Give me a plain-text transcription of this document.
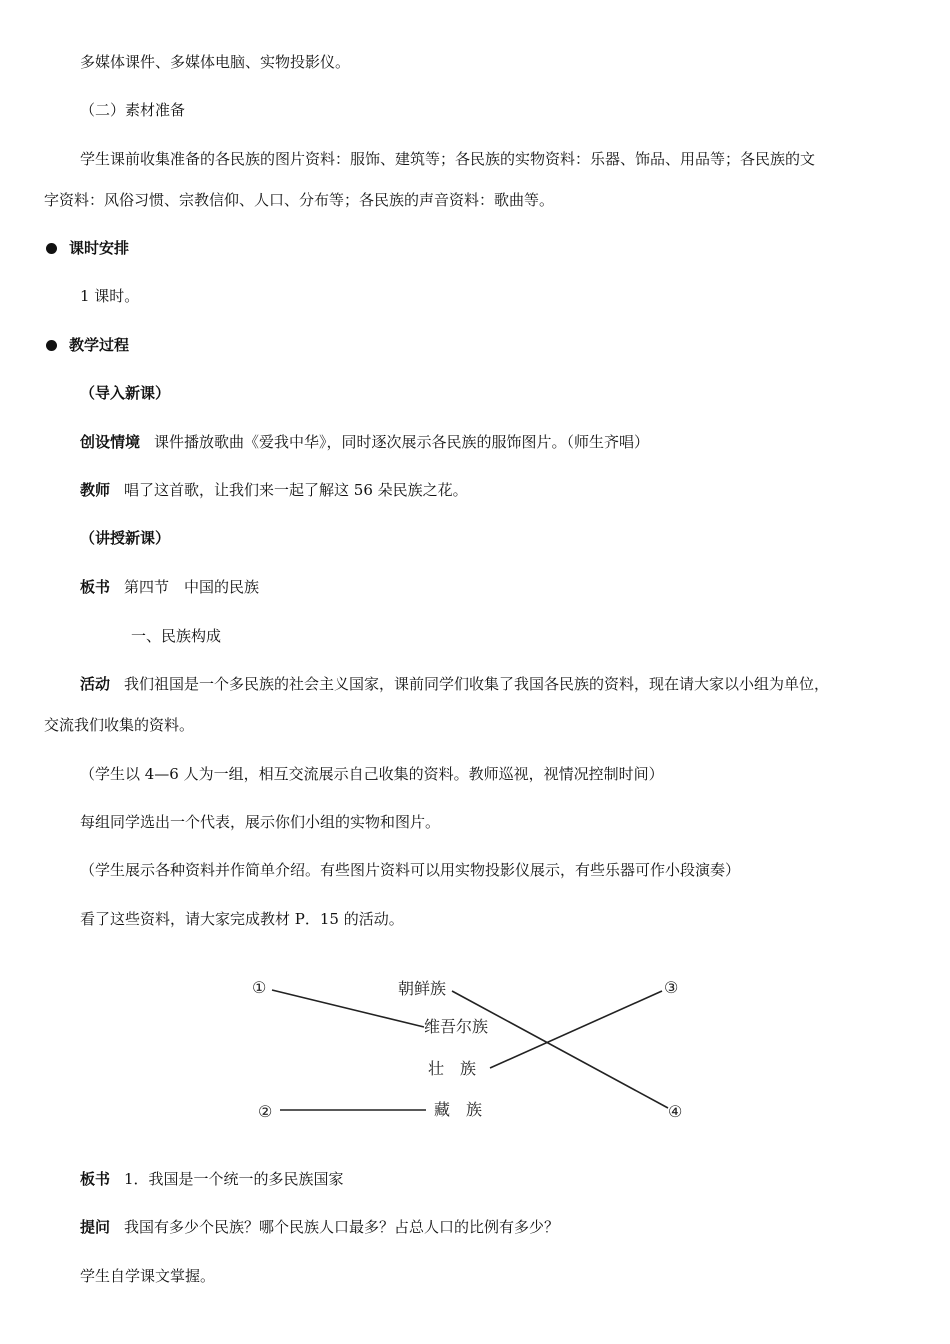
多媒体课件、多媒体电脑、实物投影仪。
（二）素材准备
学生课前收集准备的各民族的图片资料：服饰、建筑等；各民族的实物资料：乐器、饰品、用品等；各民族的文
字资料：风俗习惯、宗教信仰、人口、分布等；各民族的声音资料：歌曲等。
课时安排
1 课时。
教学过程
（导入新课）
创设情境 课件播放歌曲《爱我中华》，同时逐次展示各民族的服饰图片。（师生齐唱）
教师 唱了这首歌，让我们来一起了解这 56 朵民族之花。
（讲授新课）
板书 第四节　中国的民族
一、民族构成
活动 我们祖国是一个多民族的社会主义国家，课前同学们收集了我国各民族的资料，现在请大家以小组为单位，
交流我们收集的资料。
（学生以 4—6 人为一组，相互交流展示自己收集的资料。教师巡视，视情况控制时间）
每组同学选出一个代表，展示你们小组的实物和图片。
（学生展示各种资料并作简单介绍。有些图片资料可以用实物投影仪展示，有些乐器可作小段演奏）
看了这些资料，请大家完成教材 P．15 的活动。
①
②
③
④
朝鲜族
维吾尔族
壮　族
藏　族
板书 1．我国是一个统一的多民族国家
提问 我国有多少个民族？哪个民族人口最多？占总人口的比例有多少？
学生自学课文掌握。
